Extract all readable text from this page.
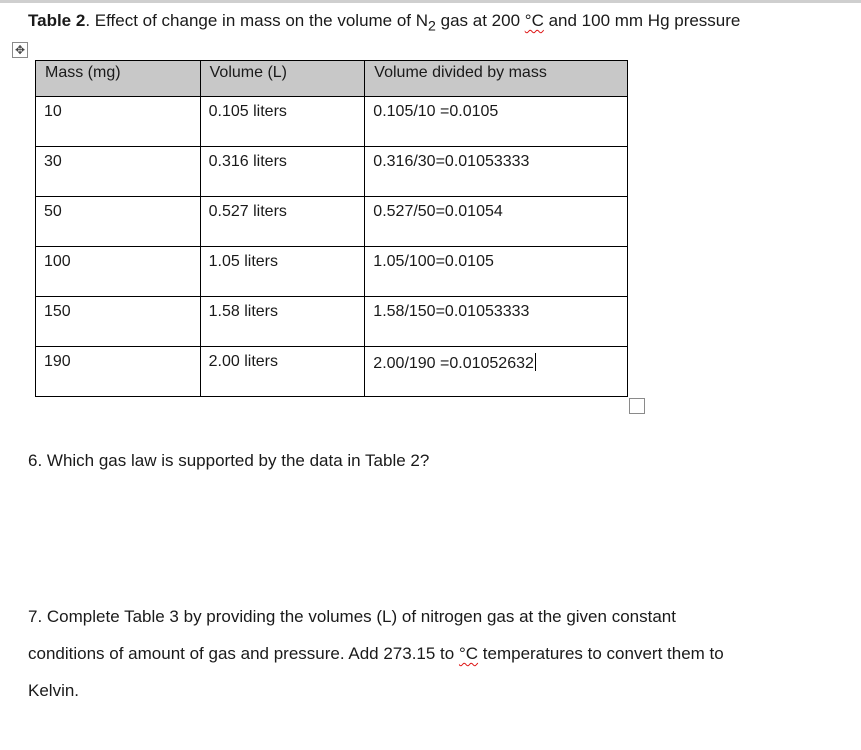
Table 2. Effect of change in mass on the volume of $N_2$ gas at 200 °C and 100 mm Hg pressure
✥
Mass (mg)	Volume (L)	Volume divided by mass
10	0.105 liters	0.105/10 =0.0105
30	0.316 liters	0.316/30=0.01053333
50	0.527 liters	0.527/50=0.01054
100	1.05 liters	1.05/100=0.0105
150	1.58 liters	1.58/150=0.01053333
190	2.00 liters	2.00/190 =0.01052632
6. Which gas law is supported by the data in Table 2?
7. Complete Table 3 by providing the volumes (L) of nitrogen gas at the given constant
conditions of amount of gas and pressure. Add 273.15 to °C temperatures to convert them to
Kelvin.
